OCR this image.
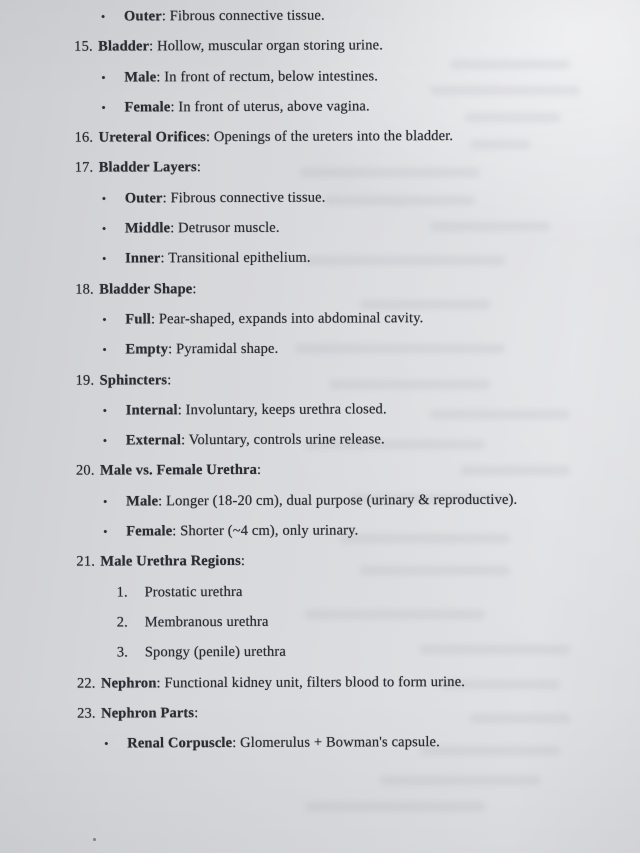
•	Outer : Fibrous connective tissue.
15. Bladder : Hollow, muscular organ storing urine.
•	Male : In front of rectum, below intestines.
•	Female : In front of uterus, above vagina.
16. Ureteral Orifices : Openings of the ureters into the bladder.
17. Bladder Layers :
•	Outer : Fibrous connective tissue.
•	Middle : Detrusor muscle.
•	Inner : Transitional epithelium.
18. Bladder Shape :
•	Full : Pear-shaped, expands into abdominal cavity.
•	Empty : Pyramidal shape.
19. Sphincters :
•	Internal : Involuntary, keeps urethra closed.
•	External : Voluntary, controls urine release.
20. Male vs. Female Urethra :
•	Male : Longer (18-20 cm), dual purpose (urinary & reproductive).
•	Female : Shorter (~4 cm), only urinary.
21. Male Urethra Regions :
1.	Prostatic urethra
2.	Membranous urethra
3.	Spongy (penile) urethra
22. Nephron : Functional kidney unit, filters blood to form urine.
23. Nephron Parts :
•	Renal Corpuscle : Glomerulus + Bowman's capsule.
